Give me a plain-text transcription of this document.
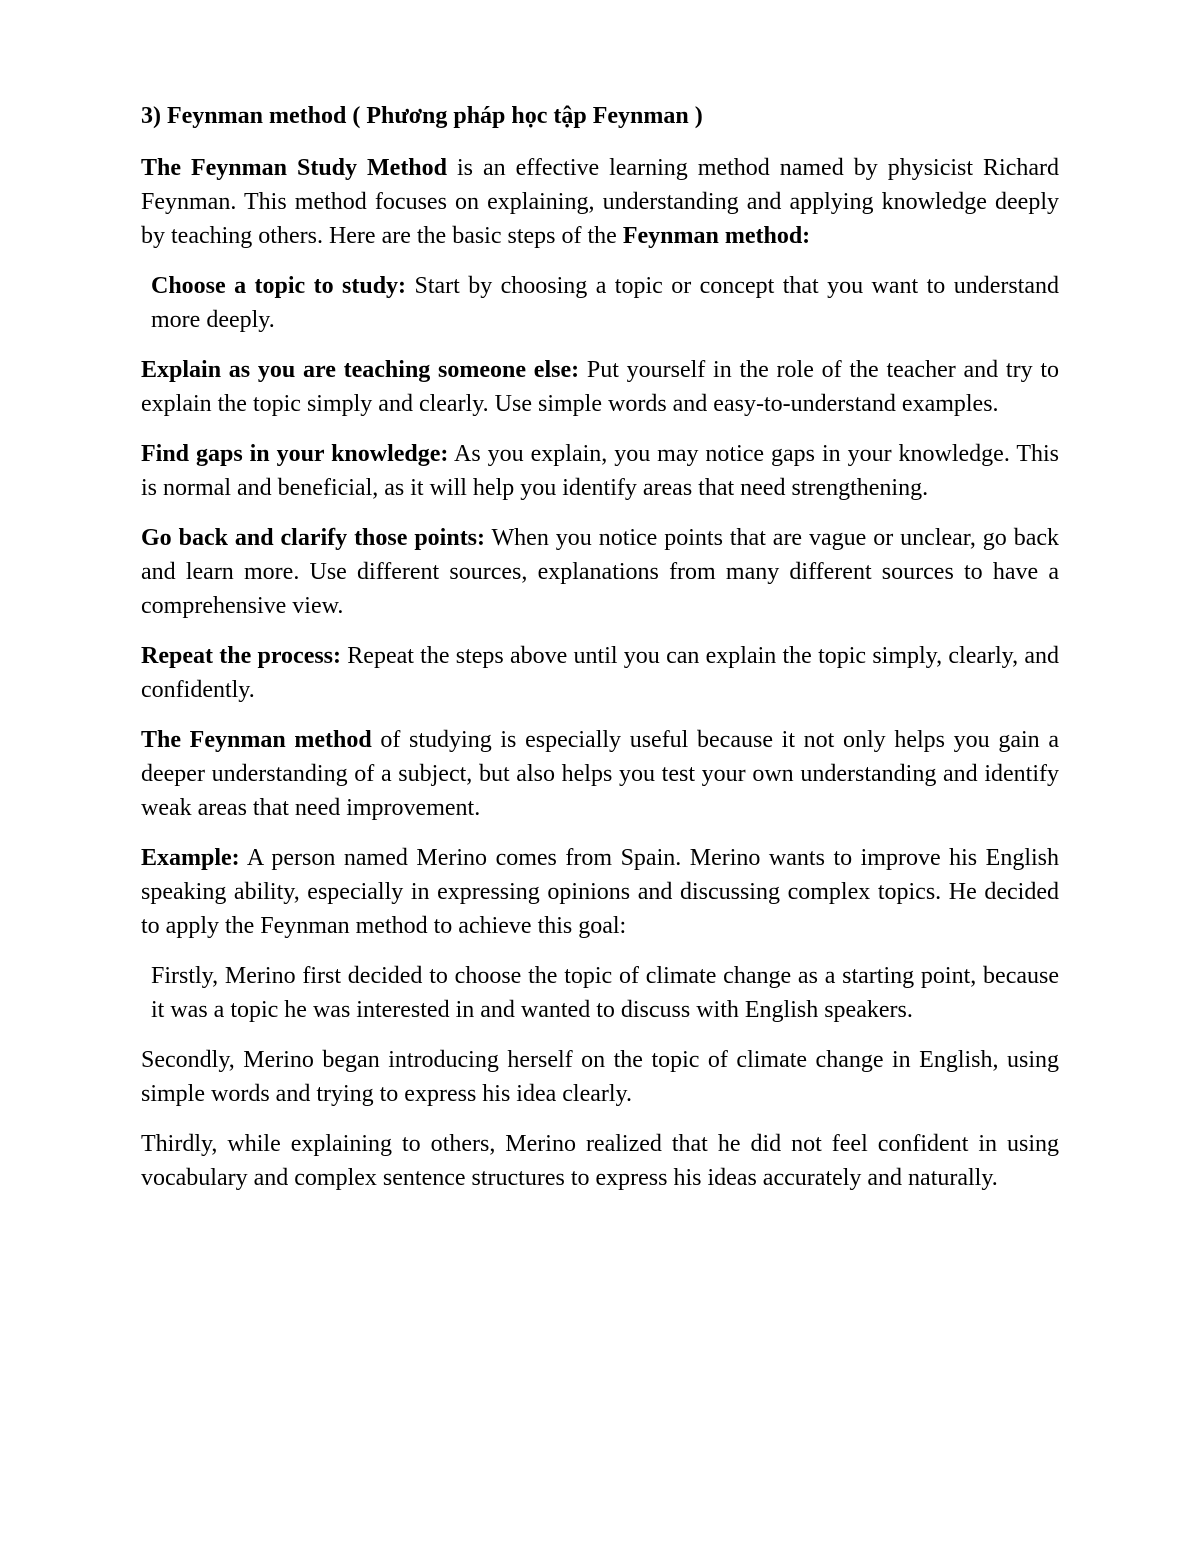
3) Feynman method ( Phương pháp học tập Feynman )

The Feynman Study Method is an effective learning method named by physicist Richard Feynman. This method focuses on explaining, understanding and applying knowledge deeply by teaching others. Here are the basic steps of the Feynman method:

Choose a topic to study: Start by choosing a topic or concept that you want to understand more deeply.

Explain as you are teaching someone else: Put yourself in the role of the teacher and try to explain the topic simply and clearly. Use simple words and easy-to-understand examples.

Find gaps in your knowledge: As you explain, you may notice gaps in your knowledge. This is normal and beneficial, as it will help you identify areas that need strengthening.

Go back and clarify those points: When you notice points that are vague or unclear, go back and learn more. Use different sources, explanations from many different sources to have a comprehensive view.

Repeat the process: Repeat the steps above until you can explain the topic simply, clearly, and confidently.

The Feynman method of studying is especially useful because it not only helps you gain a deeper understanding of a subject, but also helps you test your own understanding and identify weak areas that need improvement.

Example: A person named Merino comes from Spain. Merino wants to improve his English speaking ability, especially in expressing opinions and discussing complex topics. He decided to apply the Feynman method to achieve this goal:

Firstly, Merino first decided to choose the topic of climate change as a starting point, because it was a topic he was interested in and wanted to discuss with English speakers.

Secondly, Merino began introducing herself on the topic of climate change in English, using simple words and trying to express his idea clearly.

Thirdly, while explaining to others, Merino realized that he did not feel confident in using vocabulary and complex sentence structures to express his ideas accurately and naturally.
